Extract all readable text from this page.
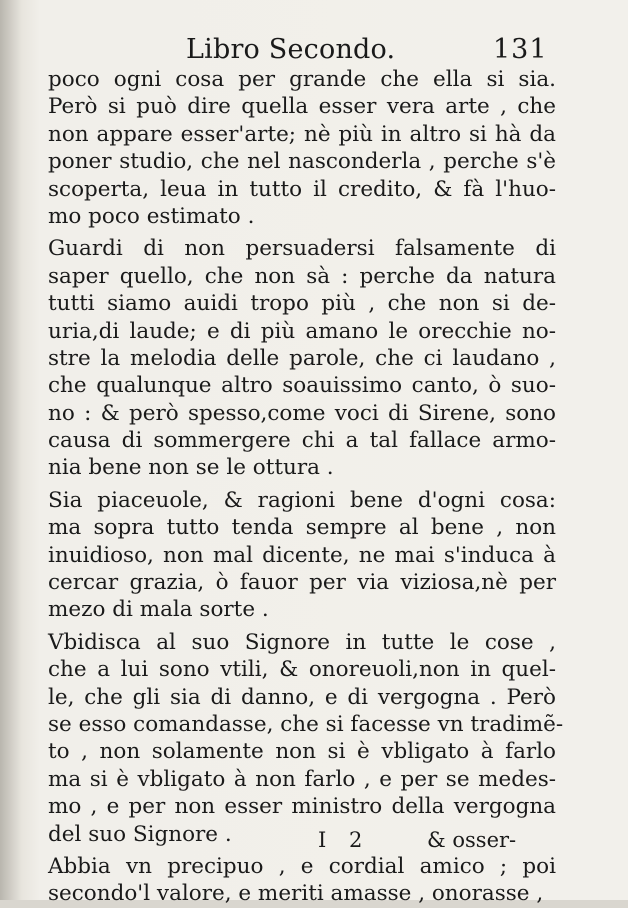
Libro Secondo.	131
poco ogni cosa per grande che ella si sia.
Però si può dire quella esser vera arte , che
non appare esser'arte; nè più in altro si hà da
poner studio, che nel nasconderla , perche s'è
scoperta, leua in tutto il credito, & fà l'huo-
mo poco estimato .
Guardi di non persuadersi falsamente di
saper quello, che non sà : perche da natura
tutti siamo auidi tropo più , che non si de-
uria,di laude; e di più amano le orecchie no-
stre la melodia delle parole, che ci laudano ,
che qualunque altro soauissimo canto, ò suo-
no : & però spesso,come voci di Sirene, sono
causa di sommergere chi a tal fallace armo-
nia bene non se le ottura .
Sia piaceuole, & ragioni bene d'ogni cosa:
ma sopra tutto tenda sempre al bene , non
inuidioso, non mal dicente, ne mai s'induca à
cercar grazia, ò fauor per via viziosa,nè per
mezo di mala sorte .
Vbidisca al suo Signore in tutte le cose ,
che a lui sono vtili, & onoreuoli,non in quel-
le, che gli sia di danno, e di vergogna . Però
se esso comandasse, che si facesse vn tradimẽ-
to , non solamente non si è vbligato à farlo
ma si è vbligato à non farlo , e per se medes-
mo , e per non esser ministro della vergogna
del suo Signore .
Abbia vn precipuo , e cordial amico ; poi
secondo'l valore, e meriti amasse , onorasse ,
I 2	& osser-
